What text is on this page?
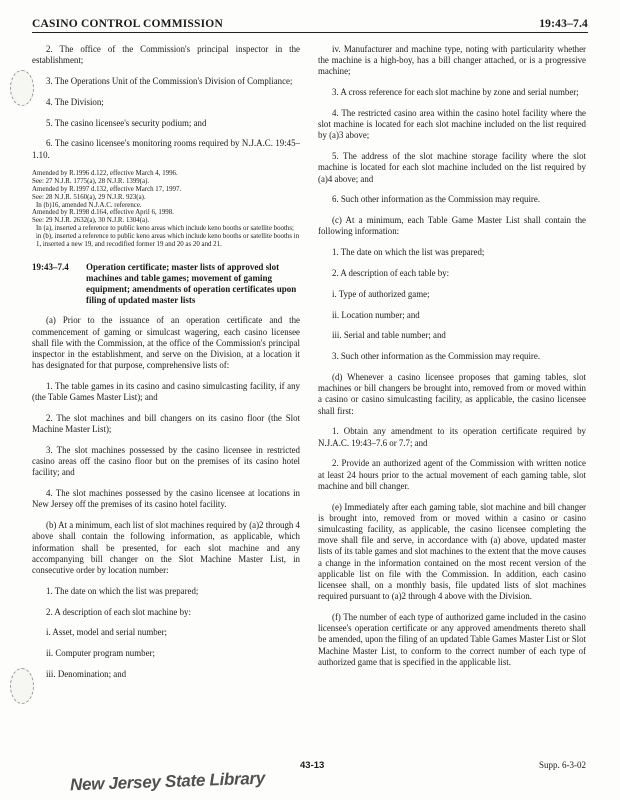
CASINO CONTROL COMMISSION	19:43–7.4

2. The office of the Commission's principal inspector in the establishment;

3. The Operations Unit of the Commission's Division of Compliance;

4. The Division;

5. The casino licensee's security podium; and

6. The casino licensee's monitoring rooms required by N.J.A.C. 19:45–1.10.

Amended by R.1996 d.122, effective March 4, 1996.

See: 27 N.J.R. 1775(a), 28 N.J.R. 1399(a).

Amended by R.1997 d.132, effective March 17, 1997.

See: 28 N.J.R. 5160(a), 29 N.J.R. 923(a).

In (b)16, amended N.J.A.C. reference.

Amended by R.1998 d.164, effective April 6, 1998.

See: 29 N.J.R. 2632(a), 30 N.J.R. 1304(a).

In (a), inserted a reference to public keno areas which include keno booths or satellite booths; in (b), inserted a reference to public keno areas which include keno booths or satellite booths in 1, inserted a new 19, and recodified former 19 and 20 as 20 and 21.

19:43–7.4	Operation certificate; master lists of approved slot machines and table games; movement of gaming equipment; amendments of operation certificates upon filing of updated master lists

(a) Prior to the issuance of an operation certificate and the commencement of gaming or simulcast wagering, each casino licensee shall file with the Commission, at the office of the Commission's principal inspector in the establishment, and serve on the Division, at a location it has designated for that purpose, comprehensive lists of:

1. The table games in its casino and casino simulcasting facility, if any (the Table Games Master List); and

2. The slot machines and bill changers on its casino floor (the Slot Machine Master List);

3. The slot machines possessed by the casino licensee in restricted casino areas off the casino floor but on the premises of its casino hotel facility; and

4. The slot machines possessed by the casino licensee at locations in New Jersey off the premises of its casino hotel facility.

(b) At a minimum, each list of slot machines required by (a)2 through 4 above shall contain the following information, as applicable, which information shall be presented, for each slot machine and any accompanying bill changer on the Slot Machine Master List, in consecutive order by location number:

1. The date on which the list was prepared;

2. A description of each slot machine by:

i. Asset, model and serial number;

ii. Computer program number;

iii. Denomination; and

iv. Manufacturer and machine type, noting with particularity whether the machine is a high-boy, has a bill changer attached, or is a progressive machine;

3. A cross reference for each slot machine by zone and serial number;

4. The restricted casino area within the casino hotel facility where the slot machine is located for each slot machine included on the list required by (a)3 above;

5. The address of the slot machine storage facility where the slot machine is located for each slot machine included on the list required by (a)4 above; and

6. Such other information as the Commission may require.

(c) At a minimum, each Table Game Master List shall contain the following information:

1. The date on which the list was prepared;

2. A description of each table by:

i. Type of authorized game;

ii. Location number; and

iii. Serial and table number; and

3. Such other information as the Commission may require.

(d) Whenever a casino licensee proposes that gaming tables, slot machines or bill changers be brought into, removed from or moved within a casino or casino simulcasting facility, as applicable, the casino licensee shall first:

1. Obtain any amendment to its operation certificate required by N.J.A.C. 19:43–7.6 or 7.7; and

2. Provide an authorized agent of the Commission with written notice at least 24 hours prior to the actual movement of each gaming table, slot machine and bill changer.

(e) Immediately after each gaming table, slot machine and bill changer is brought into, removed from or moved within a casino or casino simulcasting facility, as applicable, the casino licensee completing the move shall file and serve, in accordance with (a) above, updated master lists of its table games and slot machines to the extent that the move causes a change in the information contained on the most recent version of the applicable list on file with the Commission. In addition, each casino licensee shall, on a monthly basis, file updated lists of slot machines required pursuant to (a)2 through 4 above with the Division.

(f) The number of each type of authorized game included in the casino licensee's operation certificate or any approved amendments thereto shall be amended, upon the filing of an updated Table Games Master List or Slot Machine Master List, to conform to the correct number of each type of authorized game that is specified in the applicable list.

43-13	Supp. 6-3-02
New Jersey State Library
